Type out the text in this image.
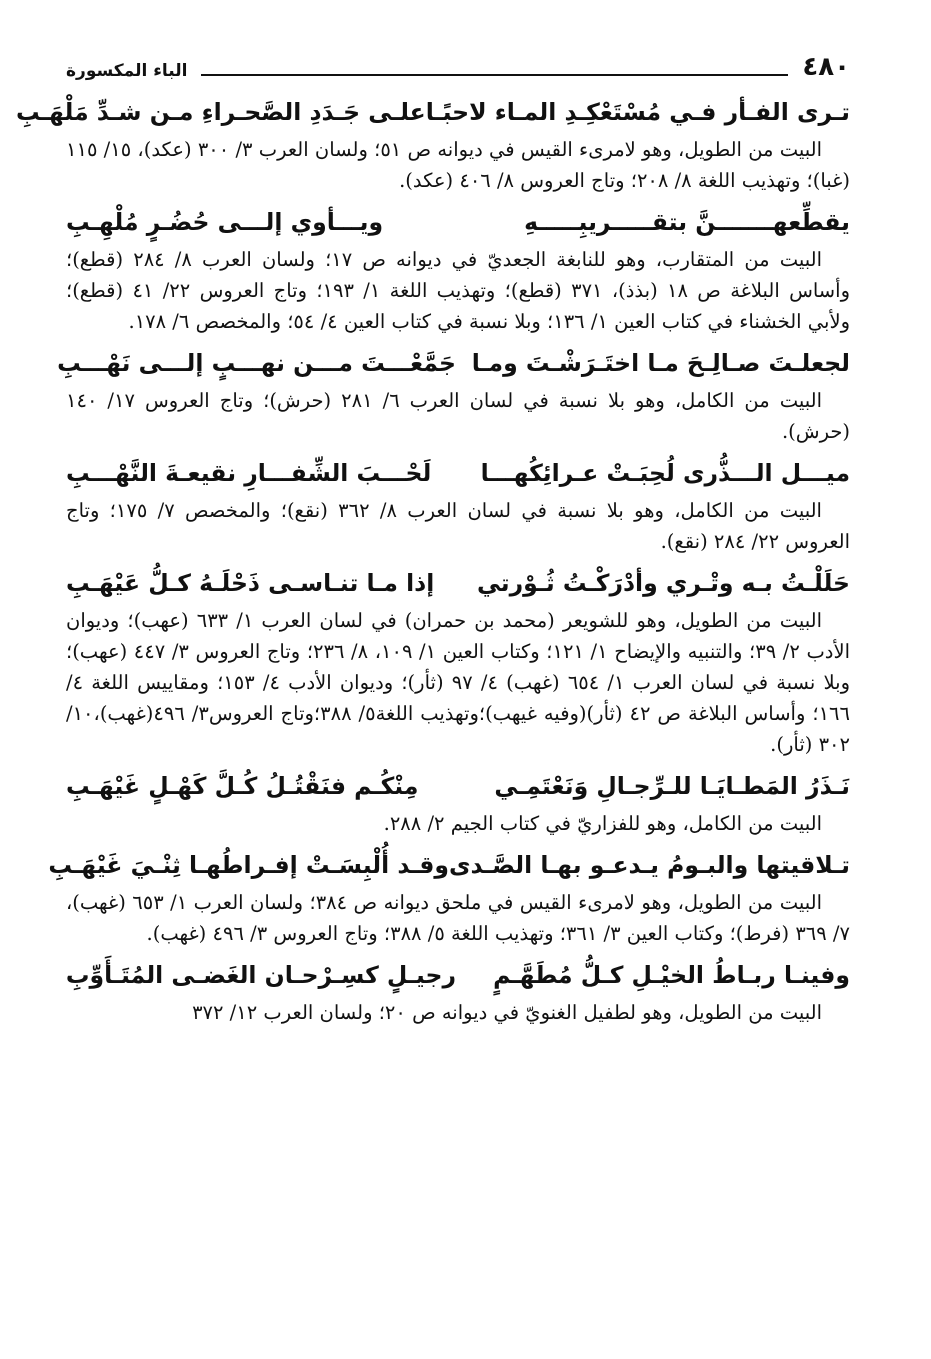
٤٨٠
الباء المكسورة
تـرى الفـأر فـي مُسْتَعْكِـدِ المـاء لاحبًـا
علـى جَـدَدِ الصَّحـراءِ مـن شـدِّ مَلْهَـبِ

البيت من الطويل، وهو لامرىء القيس في ديوانه ص ٥١؛ ولسان العرب ٣/ ٣٠٠ (عكد)، ١٥/ ١١٥ (غبا)؛ وتهذيب اللغة ٨/ ٢٠٨؛ وتاج العروس ٨/ ٤٠٦ (عكد).

يقطِّعهـــــــنَّ بتقـــــريبِـــــهِ
ويـــأوي إلـــى حُضُـرٍ مُلْهِـبِ

البيت من المتقارب، وهو للنابغة الجعديّ في ديوانه ص ١٧؛ ولسان العرب ٨/ ٢٨٤ (قطع)؛ وأساس البلاغة ص ١٨ (بذذ)، ٣٧١ (قطع)؛ وتهذيب اللغة ١/ ١٩٣؛ وتاج العروس ٢٢/ ٤١ (قطع)؛ ولأبي الخشناء في كتاب العين ١/ ١٣٦؛ وبلا نسبة في كتاب العين ٤/ ٥٤؛ والمخصص ٦/ ١٧٨.

لجعلـتَ صـالِـحَ مـا اختَـرَشْـتَ ومـا
جَمَّعْـــتَ مـــن نهـــبٍ إلـــى نَهْـــبِ

البيت من الكامل، وهو بلا نسبة في لسان العرب ٦/ ٢٨١ (حرش)؛ وتاج العروس ١٧/ ١٤٠ (حرش).

ميـــل الـــذُّرى لُحِبَـتْ عـرائِكُهـــا
لَحْـــبَ الشِّفـــارِ نقيعـةَ النَّهْـــبِ

البيت من الكامل، وهو بلا نسبة في لسان العرب ٨/ ٣٦٢ (نقع)؛ والمخصص ٧/ ١٧٥؛ وتاج العروس ٢٢/ ٢٨٤ (نقع).

حَلَلْـتُ بـه وتْـري وأدْرَكْـتُ ثُـوْرتي
إذا مـا تنـاسـى ذَحْلَـهُ كـلُّ عَيْهَـبِ

البيت من الطويل، وهو للشويعر (محمد بن حمران) في لسان العرب ١/ ٦٣٣ (عهب)؛ وديوان الأدب ٢/ ٣٩؛ والتنبيه والإيضاح ١/ ١٢١؛ وكتاب العين ١/ ١٠٩، ٨/ ٢٣٦؛ وتاج العروس ٣/ ٤٤٧ (عهب)؛ وبلا نسبة في لسان العرب ١/ ٦٥٤ (غهب) ٤/ ٩٧ (ثأر)؛ وديوان الأدب ٤/ ١٥٣؛ ومقاييس اللغة ٤/ ١٦٦؛ وأساس البلاغة ص ٤٢ (ثأر)(وفيه غيهب)؛وتهذيب اللغة٥/ ٣٨٨؛وتاج العروس٣/ ٤٩٦(غهب)،١٠/ ٣٠٢ (ثأر).

نَـذَرُ المَطـايَـا للـرِّجـالِ وَنَعْتَمِـي
مِنْكُـم فنَقْتُـلُ كُـلَّ كَهْـلٍ غَيْهَـبِ

البيت من الكامل، وهو للفزاريّ في كتاب الجيم ٢/ ٢٨٨.

تـلاقيتها والبـومُ يـدعـو بهـا الصَّـدى
وقـد أُلْبِسَـتْ إفـراطُهـا ثِنْـيَ غَيْهَـبِ

البيت من الطويل، وهو لامرىء القيس في ملحق ديوانه ص ٣٨٤؛ ولسان العرب ١/ ٦٥٣ (غهب)، ٧/ ٣٦٩ (فرط)؛ وكتاب العين ٣/ ٣٦١؛ وتهذيب اللغة ٥/ ٣٨٨؛ وتاج العروس ٣/ ٤٩٦ (غهب).

وفينـا ربـاطُ الخيْـلِ كـلُّ مُطَهَّـمٍ
رجيـلٍ كسِـرْحـان الغَضـى المُتَـأَوِّبِ

البيت من الطويل، وهو لطفيل الغنويّ في ديوانه ص ٢٠؛ ولسان العرب ١٢/ ٣٧٢
